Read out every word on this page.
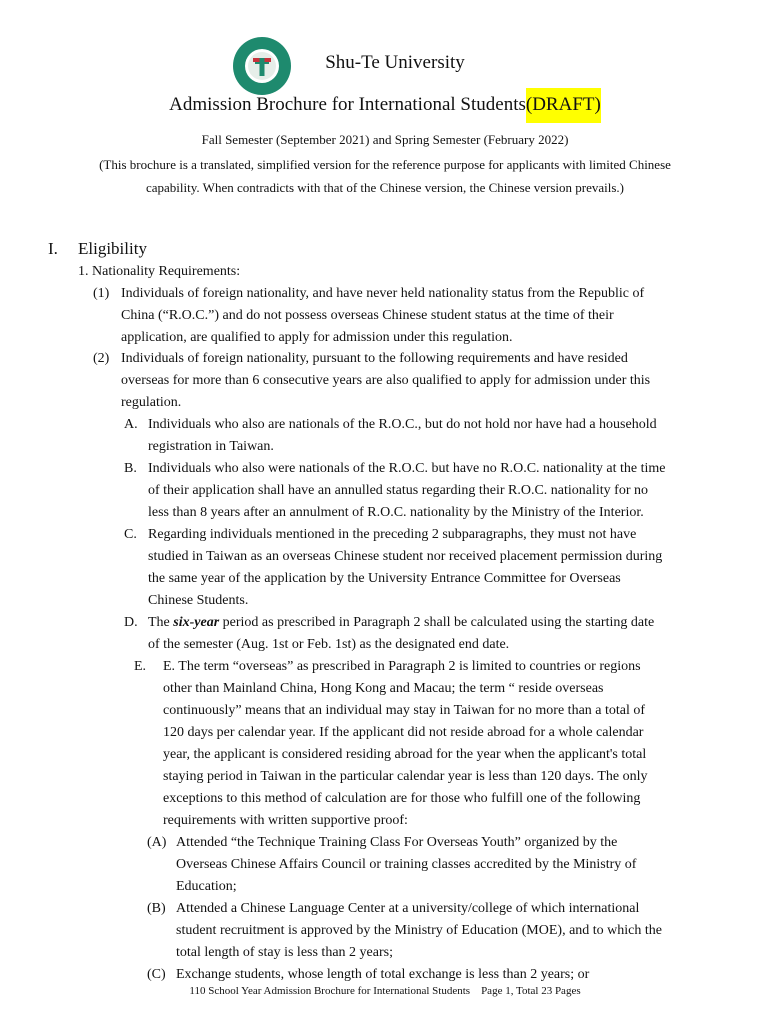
Shu-Te University
Admission Brochure for International Students(DRAFT)
Fall Semester (September 2021) and Spring Semester (February 2022)
(This brochure is a translated, simplified version for the reference purpose for applicants with limited Chinese
capability. When contradicts with that of the Chinese version, the Chinese version prevails.)
I. Eligibility
1. Nationality Requirements:
(1) Individuals of foreign nationality, and have never held nationality status from the Republic of
China (“R.O.C.”) and do not possess overseas Chinese student status at the time of their
application, are qualified to apply for admission under this regulation.
(2) Individuals of foreign nationality, pursuant to the following requirements and have resided
overseas for more than 6 consecutive years are also qualified to apply for admission under this
regulation.
A. Individuals who also are nationals of the R.O.C., but do not hold nor have had a household
registration in Taiwan.
B. Individuals who also were nationals of the R.O.C. but have no R.O.C. nationality at the time
of their application shall have an annulled status regarding their R.O.C. nationality for no
less than 8 years after an annulment of R.O.C. nationality by the Ministry of the Interior.
C. Regarding individuals mentioned in the preceding 2 subparagraphs, they must not have
studied in Taiwan as an overseas Chinese student nor received placement permission during
the same year of the application by the University Entrance Committee for Overseas
Chinese Students.
D. The six-year period as prescribed in Paragraph 2 shall be calculated using the starting date
of the semester (Aug. 1st or Feb. 1st) as the designated end date.
E. E. The term “overseas” as prescribed in Paragraph 2 is limited to countries or regions
other than Mainland China, Hong Kong and Macau; the term “ reside overseas
continuously” means that an individual may stay in Taiwan for no more than a total of
120 days per calendar year. If the applicant did not reside abroad for a whole calendar
year, the applicant is considered residing abroad for the year when the applicant's total
staying period in Taiwan in the particular calendar year is less than 120 days. The only
exceptions to this method of calculation are for those who fulfill one of the following
requirements with written supportive proof:
(A) Attended “the Technique Training Class For Overseas Youth” organized by the
Overseas Chinese Affairs Council or training classes accredited by the Ministry of
Education;
(B) Attended a Chinese Language Center at a university/college of which international
student recruitment is approved by the Ministry of Education (MOE), and to which the
total length of stay is less than 2 years;
(C) Exchange students, whose length of total exchange is less than 2 years; or
110 School Year Admission Brochure for International Students Page 1, Total 23 Pages
